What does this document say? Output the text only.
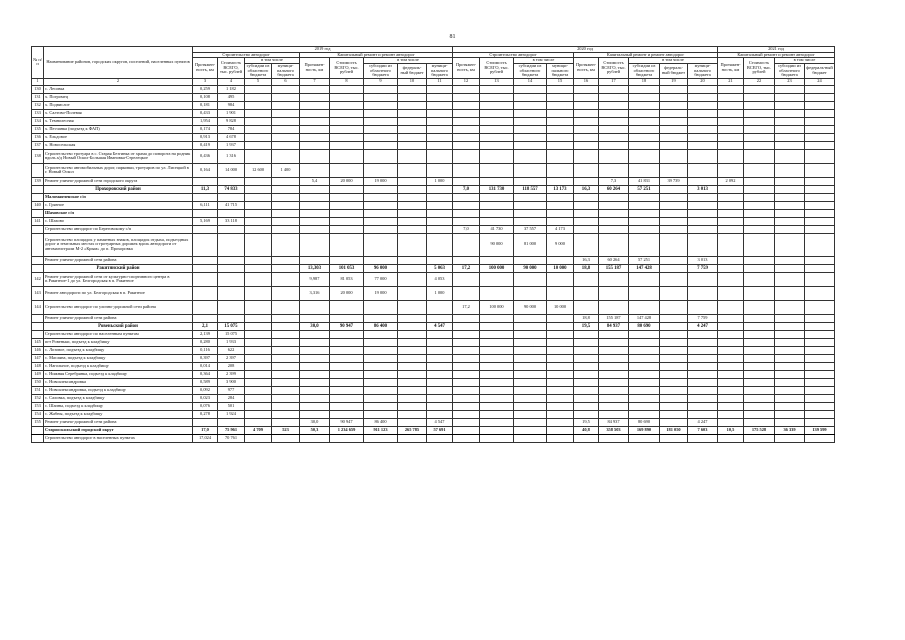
81
№ п/п	Наименование районов, городских округов, поселений, населенных пунктов	2019 год									2020 год									2021 год			
		Строительство автодорог				Капитальный ремонт и ремонт автодорог					Строительство автодорог				Капитальный ремонт и ремонт автодорог					Капитальный ремонт и ремонт автодорог			
		Протяжен-ность, км	Стоимость ВСЕГО, тыс. рублей	в том числе		Протяжен-ность, км	Стоимость ВСЕГО, тыс. рублей	в том числе			Протяжен-ность, км	Стоимость ВСЕГО, тыс. рублей	в том числе		Протяжен-ность, км	Стоимость ВСЕГО, тыс. рублей	в том числе			Протяжен-ность, км	Стоимость ВСЕГО, тыс. рублей	в том числе	
				субсидии из областного бюджета	муници-пального бюджета			субсидии из областного бюджета	федераль-ный бюджет	муници-пального бюджета			субсидии из областного бюджета	муници-пального бюджета			субсидии из областного бюджета	федераль-ный бюджет	муници-пального бюджета			субсидии из областного бюджета	федераль-ный бюджет
1	2	3	4	5	6	7	8	9	10	11	12	13	14	15	16	17	18	19	20	21	22	23	24
130	с. Лесовка	0,259	1 182																				
131	х. Погромец	0,108	495																				
132	х. Подвислое	0,181	984																				
133	х. Салтово-Полевая	0,433	1 901																				
134	х. Темнолесная	1,954	9 828																				
135	х. Песчанка (подъезд к ФАП)	0,174	784																				
136	х. Ельдовое	0,913	4 678																				
137	х. Новосельская	0,419	1 937																				
138	Строительство тротуара в с. Старая Безгинка от храма до поворота на родник вдоль а/д Новый Оскол-Большая Ивановка-Стрелецкое	0,436	1 316																				
	Строительство автомобильных дорог, парковки, тротуаров по ул. Лисецкой в г. Новый Оскол	0,164	14 000	12 600	1 400																		
139	Ремонт улично-дорожной сети городского округа					5,4	20 000	19 000		1 000						7,3	41 831	39 739		2 092			
	Прохоровский район	11,3	74 833								7,0	131 730	118 557	13 173	16,3	60 264	57 251		3 013				
	Маломаяченское с/п																						
140	с. Грязное	6,111	41 715																				
	Шаховское с/п																						
141	с. Шахово	5,169	33 118																				
	Строительство автодорог по Береговскому с/п										7,0	41 730	37 557	4 173									
	Строительство площадок у памятных знаков, площадок отдыха, подъездных дорог и земельных местах и тротуарных дорожек вдоль автодороги от автомагистрали М-2 «Крым» до п. Прохоровка											90 000	81 000	9 000									
	Ремонт улично-дорожной сети района														16,3	60 264	57 251		3 013				
	Ракитянский район					13,303	101 053	96 000		5 063	17,2	100 000	90 000	10 000	18,8	155 187	147 428		7 759				
142	Ремонт улично-дорожной сети от культурно-спортивного центра в п.Ракитное-1 до ул. Белгородская в п. Ракитное					9,987	81 053	77 000		4 053													
143	Ремонт автодороги по ул. Белгородская в п. Ракитное					3,316	20 000	19 000		1 000													
144	Строительство автодорог по улично-дорожной сети района										17,2	100 000	90 000	10 000									
	Ремонт улично-дорожной сети района														18,8	155 187	147 428		7 759				
	Ровеньский район	2,1	15 075			30,0	90 947	86 400		4 547					19,5	84 937	80 690		4 247				
	Строительство автодорог по населенным пунктам	2,139	15 075																				
145	пгт Ровеньки, подъезд к кладбищу	0,280	1 933																				
146	с. Лозовое, подъезд к кладбищу	0,116	622																				
147	с. Масляна, подъезд к кладбищу	0,397	2 397																				
148	с. Нагольное, подъезд к кладбищу	0,014	208																				
149	с. Нижняя Серебрянка, подъезд к кладбищу	0,364	2 399																				
150	с. Новоалександровка	0,589	3 900																				
151	с. Новоалександровка, подъезд к кладбищу	0,092	977																				
152	с. Саловка, подъезд к кладбищу	0,023	284																				
153	с. Шапны, подъезд к кладбищу	0,076	501																				
154	с. Жабны, подъезд к кладбищу	0,278	1 924																				
155	Ремонт улично-дорожной сети района					30,0	90 947	86 400		4 547					19,5	84 937	80 690		4 247				
	Старооскольский городской округ	17,0	75 961	4 709	523	50,3	1 234 659	911 123	265 785	57 691					40,8	358 503	169 890	181 050	7 603	10,5	175 528	36 339	139 599
	Строительство автодорог в населенных пунктах	17,024	70 761																				
